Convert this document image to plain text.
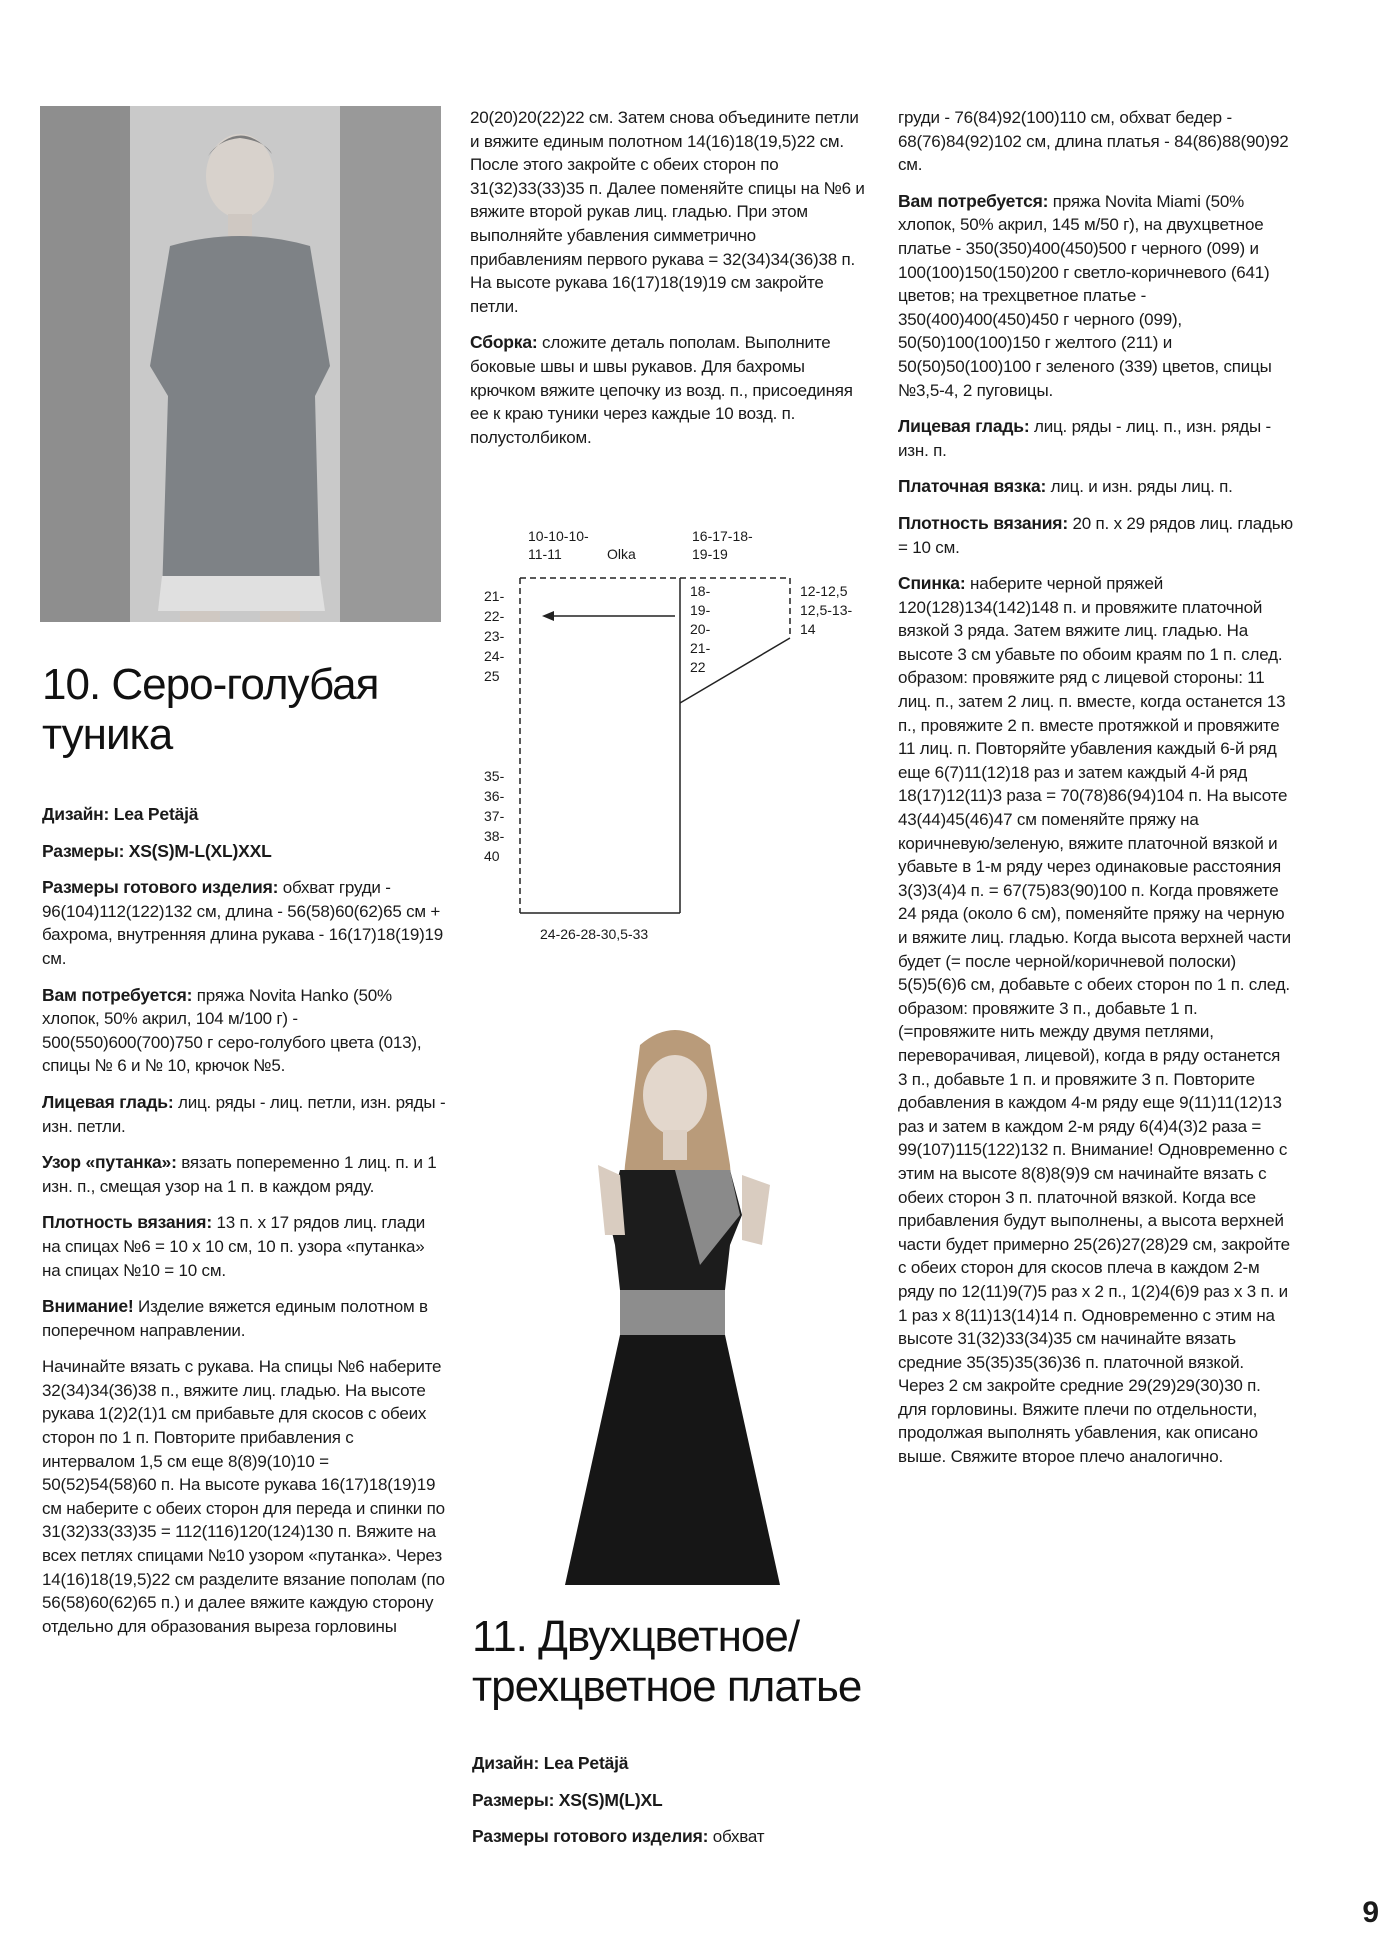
10. Серо-голубая
туника

Дизайн: Lea Petäjä

Размеры: XS(S)M-L(XL)XXL

Размеры готового изделия: обхват груди - 96(104)112(122)132 см, длина - 56(58)60(62)65 см + бахрома, внутренняя длина рукава - 16(17)18(19)19 см.

Вам потребуется: пряжа Novita Hanko (50% хлопок, 50% акрил, 104 м/100 г) - 500(550)600(700)750 г серо-голубого цвета (013), спицы № 6 и № 10, крючок №5.

Лицевая гладь: лиц. ряды - лиц. петли, изн. ряды - изн. петли.

Узор «путанка»: вязать попеременно 1 лиц. п. и 1 изн. п., смещая узор на 1 п. в каждом ряду.

Плотность вязания: 13 п. х 17 рядов лиц. глади на спицах №6 = 10 х 10 см, 10 п. узора «путанка» на спицах №10 = 10 см.

Внимание! Изделие вяжется единым полотном в поперечном направлении.

Начинайте вязать с рукава. На спицы №6 наберите 32(34)34(36)38 п., вяжите лиц. гладью. На высоте рукава 1(2)2(1)1 см прибавьте для скосов с обеих сторон по 1 п. Повторите прибавления с интервалом 1,5 см еще 8(8)9(10)10 = 50(52)54(58)60 п. На высоте рукава 16(17)18(19)19 см наберите с обеих сторон для переда и спинки по 31(32)33(33)35 = 112(116)120(124)130 п. Вяжите на всех петлях спицами №10 узором «путанка». Через 14(16)18(19,5)22 см разделите вязание пополам (по 56(58)60(62)65 п.) и далее вяжите каждую сторону отдельно для образования выреза горловины

20(20)20(22)22 см. Затем снова объедините петли и вяжите единым полотном 14(16)18(19,5)22 см. После этого закройте с обеих сторон по 31(32)33(33)35 п. Далее поменяйте спицы на №6 и вяжите второй рукав лиц. гладью. При этом выполняйте убавления симметрично прибавлениям первого рукава = 32(34)34(36)38 п. На высоте рукава 16(17)18(19)19 см закройте петли.

Сборка: сложите деталь пополам. Выполните боковые швы и швы рукавов. Для бахромы крючком вяжите цепочку из возд. п., присоединяя ее к краю туники через каждые 10 возд. п. полустолбиком.

10-10-10-
11-11	Olka
16-17-18-
19-19
18-
19-
20-
21-
22
21-
22-
23-
24-
25
35-
36-
37-
38-
40
12-12,5
12,5-13-
14
24-26-28-30,5-33
11. Двухцветное/
трехцветное платье

Дизайн: Lea Petäjä

Размеры: XS(S)M(L)XL

Размеры готового изделия: обхват

груди - 76(84)92(100)110 см, обхват бедер - 68(76)84(92)102 см, длина платья - 84(86)88(90)92 см.

Вам потребуется: пряжа Novita Miami (50% хлопок, 50% акрил, 145 м/50 г), на двухцветное платье - 350(350)400(450)500 г черного (099) и 100(100)150(150)200 г светло-коричневого (641) цветов; на трехцветное платье - 350(400)400(450)450 г черного (099), 50(50)100(100)150 г желтого (211) и 50(50)50(100)100 г зеленого (339) цветов, спицы №3,5-4, 2 пуговицы.

Лицевая гладь: лиц. ряды - лиц. п., изн. ряды - изн. п.

Платочная вязка: лиц. и изн. ряды лиц. п.

Плотность вязания: 20 п. х 29 рядов лиц. гладью = 10 см.

Спинка: наберите черной пряжей 120(128)134(142)148 п. и провяжите платочной вязкой 3 ряда. Затем вяжите лиц. гладью. На высоте 3 см убавьте по обоим краям по 1 п. след. образом: провяжите ряд с лицевой стороны: 11 лиц. п., затем 2 лиц. п. вместе, когда останется 13 п., провяжите 2 п. вместе протяжкой и провяжите 11 лиц. п. Повторяйте убавления каждый 6-й ряд еще 6(7)11(12)18 раз и затем каждый 4-й ряд 18(17)12(11)3 раза = 70(78)86(94)104 п. На высоте 43(44)45(46)47 см поменяйте пряжу на коричневую/зеленую, вяжите платочной вязкой и убавьте в 1-м ряду через одинаковые расстояния 3(3)3(4)4 п. = 67(75)83(90)100 п. Когда провяжете 24 ряда (около 6 см), поменяйте пряжу на черную и вяжите лиц. гладью. Когда высота верхней части будет (= после черной/коричневой полоски) 5(5)5(6)6 см, добавьте с обеих сторон по 1 п. след. образом: провяжите 3 п., добавьте 1 п. (=провяжите нить между двумя петлями, переворачивая, лицевой), когда в ряду останется 3 п., добавьте 1 п. и провяжите 3 п. Повторите добавления в каждом 4-м ряду еще 9(11)11(12)13 раз и затем в каждом 2-м ряду 6(4)4(3)2 раза = 99(107)115(122)132 п. Внимание! Одновременно с этим на высоте 8(8)8(9)9 см начинайте вязать с обеих сторон 3 п. платочной вязкой. Когда все прибавления будут выполнены, а высота верхней части будет примерно 25(26)27(28)29 см, закройте с обеих сторон для скосов плеча в каждом 2-м ряду по 12(11)9(7)5 раз х 2 п., 1(2)4(6)9 раз х 3 п. и 1 раз х 8(11)13(14)14 п. Одновременно с этим на высоте 31(32)33(34)35 см начинайте вязать средние 35(35)35(36)36 п. платочной вязкой. Через 2 см закройте средние 29(29)29(30)30 п. для горловины. Вяжите плечи по отдельности, продолжая выполнять убавления, как описано выше. Свяжите второе плечо аналогично.

9
